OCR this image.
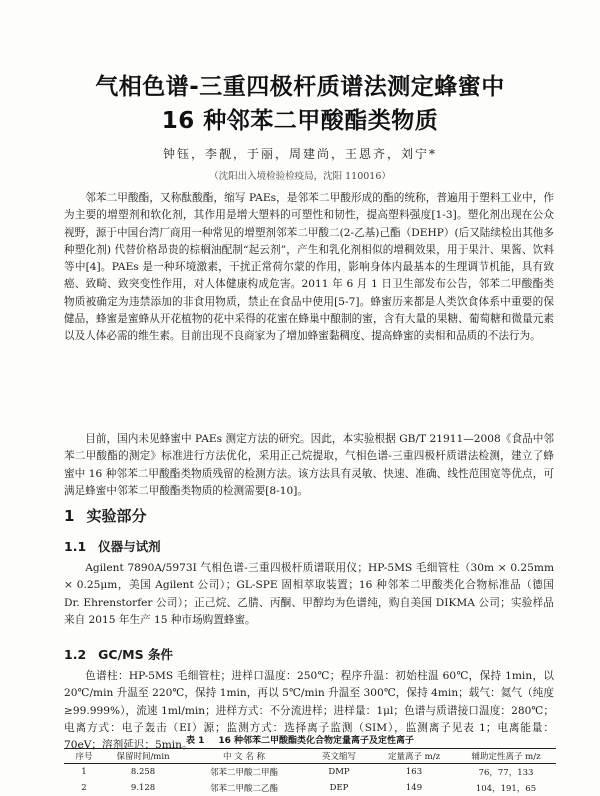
气相色谱-三重四极杆质谱法测定蜂蜜中
16 种邻苯二甲酸酯类物质
钟钰，李靓，于丽，周建尚，王恩齐，刘宁*
（沈阳出入境检验检疫局，沈阳 110016）

邻苯二甲酸酯，又称酞酸酯，缩写 PAEs，是邻苯二甲酸形成的酯的统称，普遍用于塑料工业中，作为主要的增塑剂和软化剂，其作用是增大塑料的可塑性和韧性，提高塑料强度[1-3]。塑化剂出现在公众视野，源于中国台湾厂商用一种常见的增塑剂邻苯二甲酸二(2-乙基)己酯（DEHP）(后又陆续检出其他多种塑化剂) 代替价格昂贵的棕榈油配制“起云剂”，产生和乳化剂相似的增稠效果，用于果汁、果酱、饮料等中[4]。PAEs 是一种环境激素，干扰正常荷尔蒙的作用，影响身体内最基本的生理调节机能，具有致癌、致畸、致突变性作用，对人体健康构成危害。2011 年 6 月 1 日卫生部发布公告，邻苯二甲酸酯类物质被确定为违禁添加的非食用物质，禁止在食品中使用[5-7]。蜂蜜历来都是人类饮食体系中重要的保健品，蜂蜜是蜜蜂从开花植物的花中采得的花蜜在蜂巢中酿制的蜜，含有大量的果糖、葡萄糖和微量元素以及人体必需的维生素。目前出现不良商家为了增加蜂蜜黏稠度、提高蜂蜜的卖相和品质的不法行为。

目前，国内未见蜂蜜中 PAEs 测定方法的研究。因此，本实验根据 GB/T 21911—2008《食品中邻苯二甲酸酯的测定》标准进行方法优化，采用正己烷提取，气相色谱-三重四极杆质谱法检测，建立了蜂蜜中 16 种邻苯二甲酸酯类物质残留的检测方法。该方法具有灵敏、快速、准确、线性范围宽等优点，可满足蜂蜜中邻苯二甲酸酯类物质的检测需要[8-10]。

1 实验部分
1.1 仪器与试剂

Agilent 7890A/5973I 气相色谱-三重四极杆质谱联用仪；HP-5MS 毛细管柱（30m × 0.25mm × 0.25μm，美国 Agilent 公司）；GL-SPE 固相萃取装置；16 种邻苯二甲酸类化合物标准品（德国 Dr. Ehrenstorfer 公司）；正己烷、乙腈、丙酮、甲醇均为色谱纯，购自美国 DIKMA 公司；实验样品来自 2015 年生产 15 种市场购置蜂蜜。

1.2 GC/MS 条件

色谱柱：HP-5MS 毛细管柱；进样口温度：250℃；程序升温：初始柱温 60℃，保持 1min，以 20℃/min 升温至 220℃，保持 1min，再以 5℃/min 升温至 300℃，保持 4min；载气：氦气（纯度≥99.999%），流速 1ml/min；进样方式：不分流进样；进样量：1μl；色谱与质谱接口温度：280℃；电离方式：电子轰击（EI）源；监测方式：选择离子监测（SIM），监测离子见表 1；电离能量：70eV；溶剂延迟：5min。

表 1 16 种邻苯二甲酸酯类化合物定量离子及定性离子
序号	保留时间/min	中 文 名 称	英文缩写	定量离子 m/z	辅助定性离子 m/z
1	8.258	邻苯二甲酸二甲酯	DMP	163	76，77，133
2	9.128	邻苯二甲酸二乙酯	DEP	149	104，191，65
